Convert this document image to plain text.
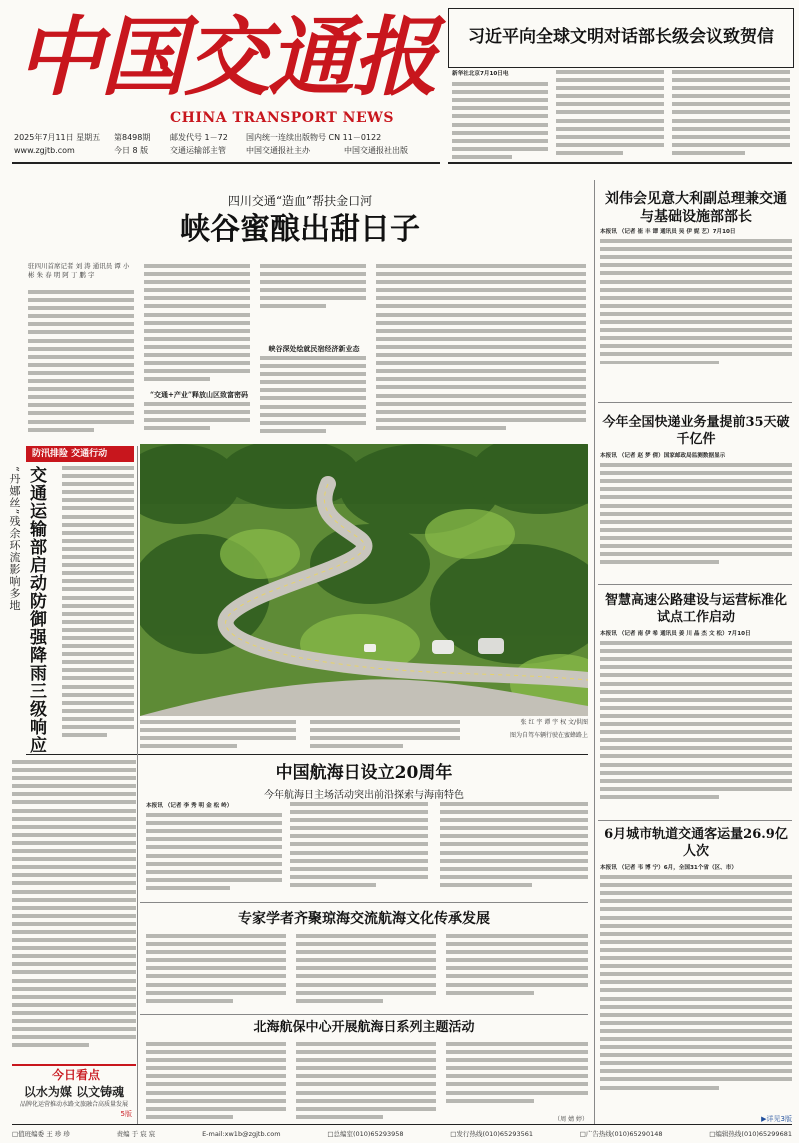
中国交通报
CHINA TRANSPORT NEWS
2025年7月11日 星期五 第8498期 邮发代号 1－72 国内统一连续出版物号 CN 11－0122
www.zgjtb.com	今日 8 版	交通运输部主管	中国交通报社主办	中国交通报社出版
习近平向全球文明对话部长级会议致贺信
新华社北京7月10日电
四川交通“造血”帮扶金口河
峡谷蜜酿出甜日子
驻四川首席记者 刘 涛 通讯员 谭 小 彬 朱 春 明 阿 丁 鹏 宇
“交通+产业”释放山区致富密码
峡谷深处绘就民宿经济新业态
张 红 宇 谭 宇 权 文/供图
图为自驾车辆行驶在蜜蜂路上
防汛排险 交通行动
“丹娜丝”残余环流影响多地 交通运输部启动防御强降雨三级响应
今日看点
以水为媒 以文铸魂
品牌化运营推动水路文旅融合高质量发展
5版
中国航海日设立20周年
今年航海日主场活动突出前沿探索与海南特色
本报讯 （记者 李 秀 明 金 松 岭）
专家学者齐聚琼海交流航海文化传承发展
北海航保中心开展航海日系列主题活动
（周 婧 婷）
刘伟会见意大利副总理兼交通与基础设施部部长
本报讯 （记者 崔 丰 谭 通讯员 吴 伊 妮 艺）7月10日
今年全国快递业务量提前35天破千亿件
本报讯 （记者 赵 梦 倩）国家邮政局监测数据显示
智慧高速公路建设与运营标准化试点工作启动
本报讯 （记者 南 伊 希 通讯员 姜 川 晶 杰 文 松）7月10日
6月城市轨道交通客运量26.9亿人次
本报讯 （记者 韦 博 宁）6月，全国31个省（区、市）
▶详见3版
□值班编委 王 珍 珍	责编 于 宸 宸	E-mail:xw1b@zgjtb.com	□总编室(010)65293958	□发行热线(010)65293561	□广告热线(010)65290148	□编辑热线(010)65299681
